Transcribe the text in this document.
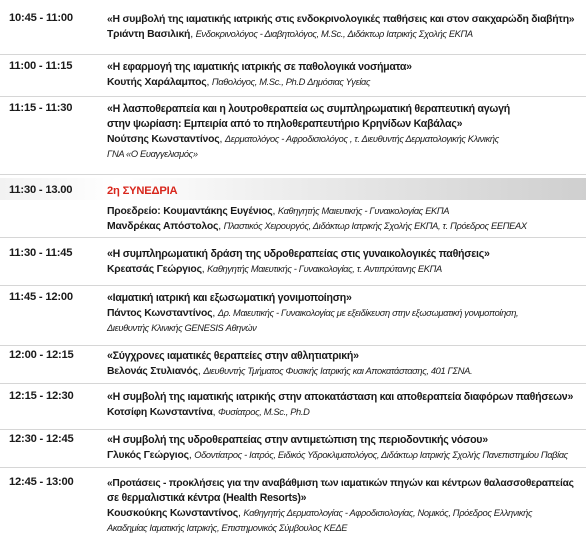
10:45 - 11:00	«Η συμβολή της ιαματικής ιατρικής στις ενδοκρινολογικές παθήσεις και στον σακχαρώδη διαβήτη»
Τριάντη Βασιλική, Ενδοκρινολόγος - Διαβητολόγος, M.Sc., Διδάκτωρ Ιατρικής Σχολής ΕΚΠΑ
11:00 - 11:15	«Η εφαρμογή της ιαματικής ιατρικής σε παθολογικά νοσήματα»
Κουτής Χαράλαμπος, Παθολόγος, M.Sc., Ph.D Δημόσιας Υγείας
11:15 - 11:30	«Η λασποθεραπεία και η λουτροθεραπεία ως συμπληρωματική θεραπευτική αγωγή
στην ψωρίαση: Εμπειρία από το πηλοθεραπευτήριο Κρηνίδων Καβάλας»
Νούτσης Κωνσταντίνος, Δερματολόγος - Αφροδισιολόγος , τ. Διευθυντής Δερματολογικής Κλινικής
ΓΝΑ «Ο Ευαγγελισμός»
11:30 - 13.00	2η ΣΥΝΕΔΡΙΑ
Προεδρείο: Κουμαντάκης Ευγένιος, Καθηγητής Μαιευτικής - Γυναικολογίας ΕΚΠΑ
Μανδρέκας Απόστολος, Πλαστικός Χειρουργός, Διδάκτωρ Ιατρικής Σχολής ΕΚΠΑ, τ. Πρόεδρος ΕΕΠΕΑΧ
11:30 - 11:45	«Η συμπληρωματική δράση της υδροθεραπείας στις γυναικολογικές παθήσεις»
Κρεατσάς Γεώργιος, Καθηγητής Μαιευτικής - Γυναικολογίας, τ. Αντιπρύτανης ΕΚΠΑ
11:45 - 12:00	«Ιαματική ιατρική και εξωσωματική γονιμοποίηση»
Πάντος Κωνσταντίνος, Δρ. Μαιευτικής - Γυναικολογίας με εξειδίκευση στην εξωσωματική γονιμοποίηση,
Διευθυντής Κλινικής GENESIS Αθηνών
12:00 - 12:15	«Σύγχρονες ιαματικές θεραπείες στην αθλητιατρική»
Βελονάς Στυλιανός, Διευθυντής Τμήματος Φυσικής Ιατρικής και Αποκατάστασης, 401 ΓΣΝΑ.
12:15 - 12:30	«Η συμβολή της ιαματικής ιατρικής στην αποκατάσταση και αποθεραπεία διαφόρων παθήσεων»
Κοτσίφη Κωνσταντίνα, Φυσίατρος, M.Sc., Ph.D
12:30 - 12:45	«Η συμβολή της υδροθεραπείας στην αντιμετώπιση της περιοδοντικής νόσου»
Γλυκός Γεώργιος, Οδοντίατρος - Ιατρός, Ειδικός Υδροκλιματολόγος, Διδάκτωρ Ιατρικής Σχολής Πανεπιστημίου Παβίας
12:45 - 13:00	«Προτάσεις - προκλήσεις για την αναβάθμιση των ιαματικών πηγών και κέντρων θαλασσοθεραπείας
σε θερμαλιστικά κέντρα (Health Resorts)»
Κουσκούκης Κωνσταντίνος, Καθηγητής Δερματολογίας - Αφροδισιολογίας, Νομικός, Πρόεδρος Ελληνικής
Ακαδημίας Ιαματικής Ιατρικής, Επιστημονικός Σύμβουλος ΚΕΔΕ
